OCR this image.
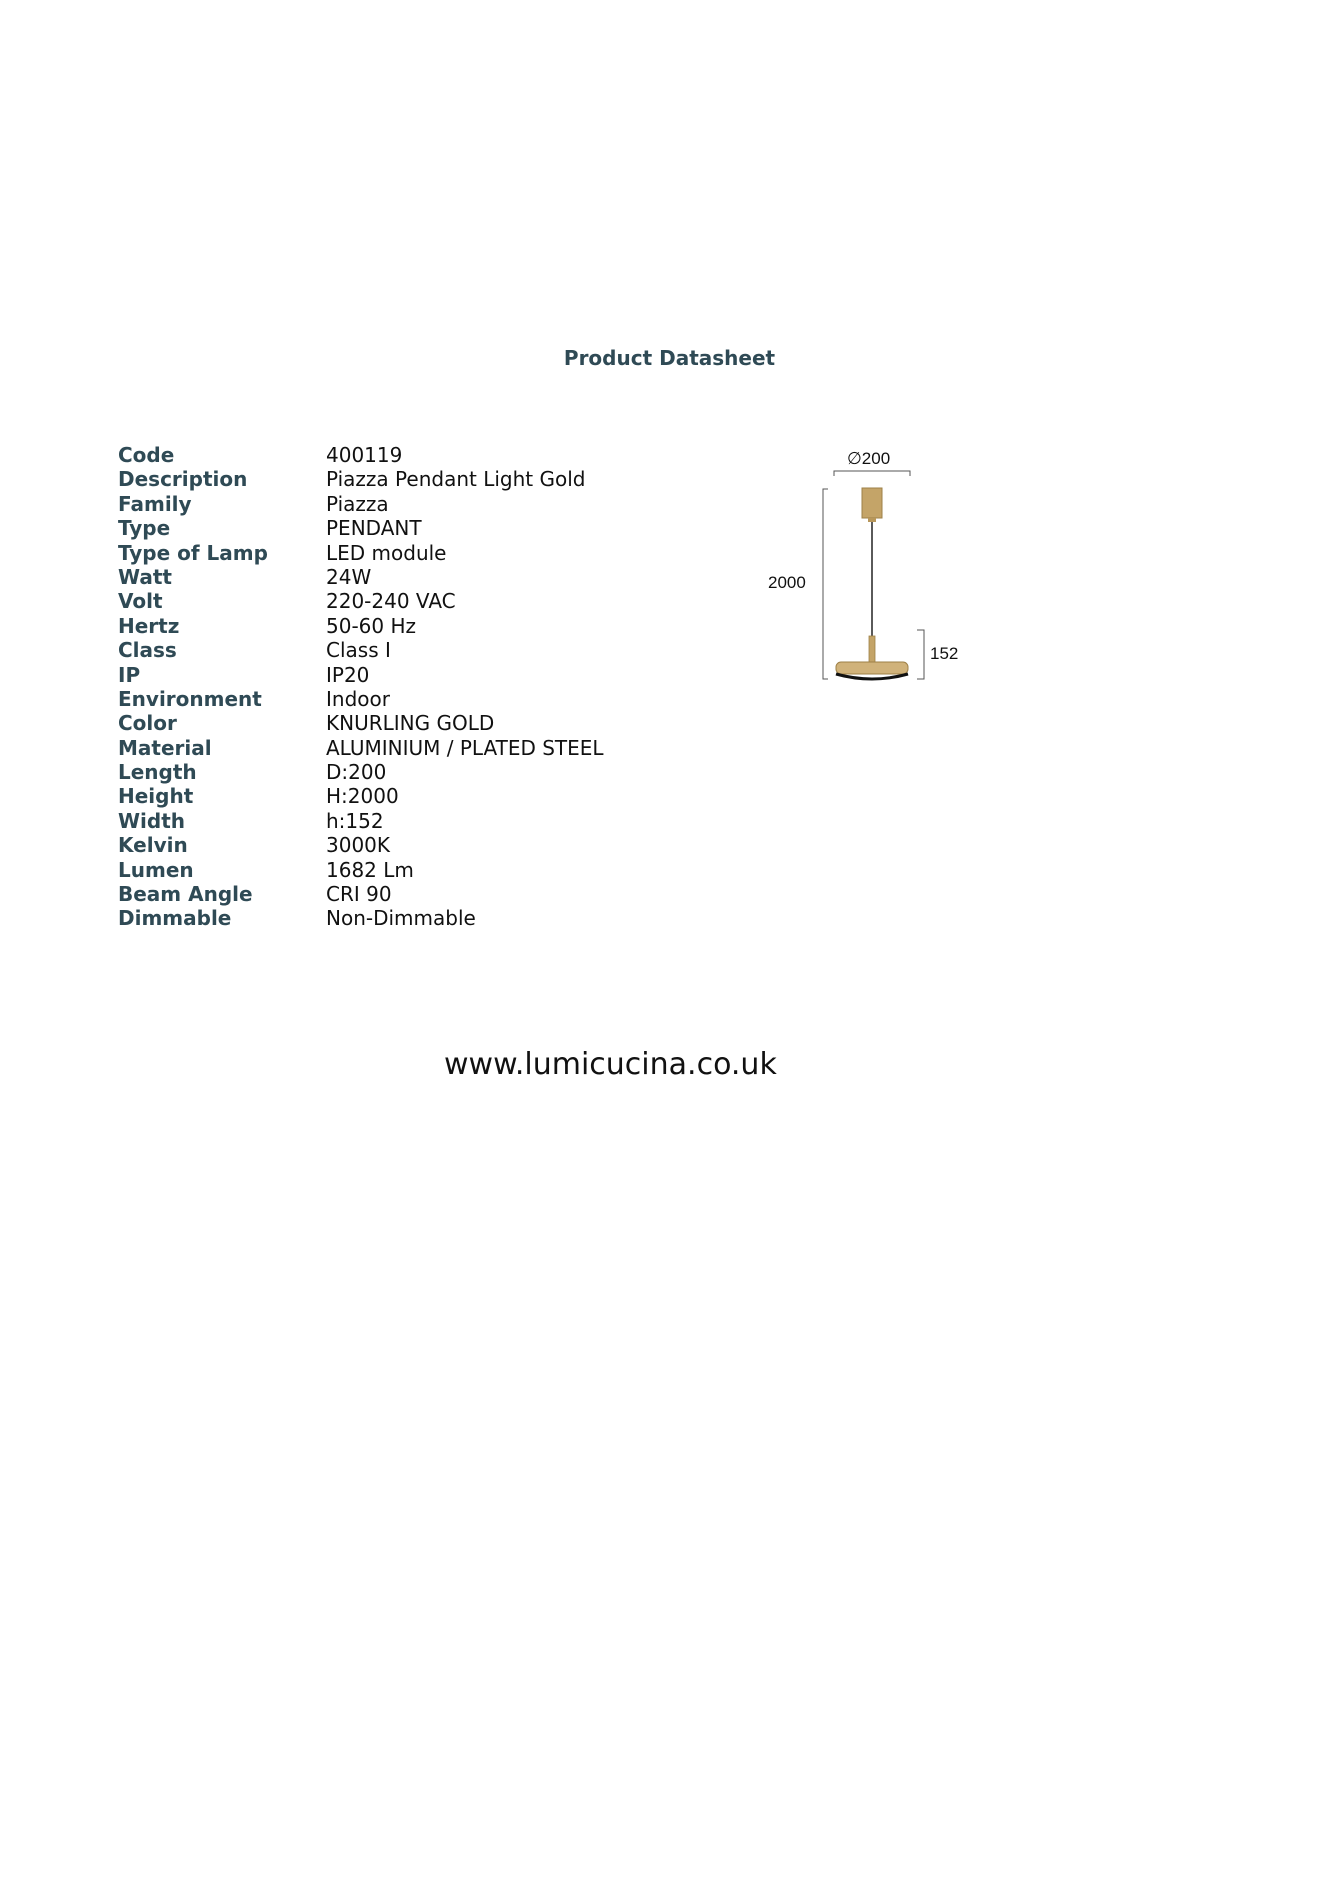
Product Datasheet
Code	400119
Description	Piazza Pendant Light Gold
Family	Piazza
Type	PENDANT
Type of Lamp	LED module
Watt	24W
Volt	220-240 VAC
Hertz	50-60 Hz
Class	Class I
IP	IP20
Environment	Indoor
Color	KNURLING GOLD
Material	ALUMINIUM / PLATED STEEL
Length	D:200
Height	H:2000
Width	h:152
Kelvin	3000K
Lumen	1682 Lm
Beam Angle	CRI 90
Dimmable	Non-Dimmable
∅200
2000
152
www.lumicucina.co.uk
